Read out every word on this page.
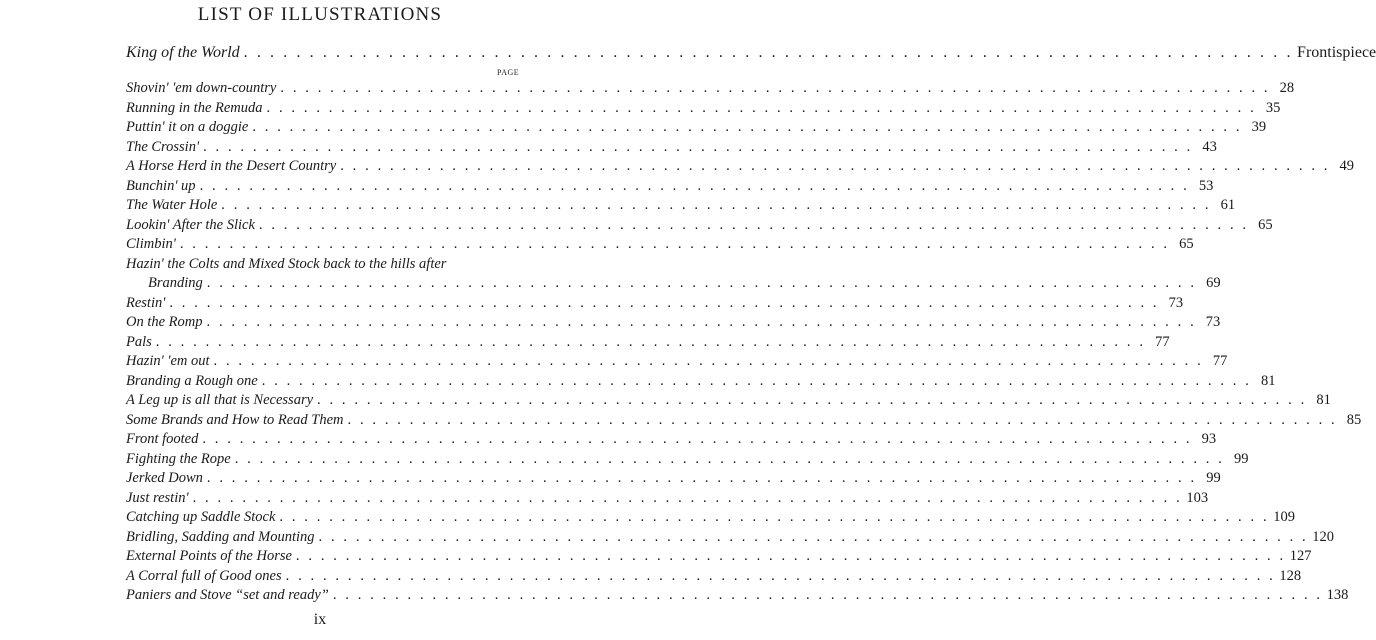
LIST OF ILLUSTRATIONS
King of the World . . . . . . . . . . . . . . . . . . . . . . . . . . . . . . . . . . . . . . . . . . . . . . . . . . . . . . . . . . . . . . . . . . . . . . . . . . . . . . . . Frontispiece
PAGE
Shovin' 'em down-country . . . . . . . . . . . . . . . . . . . . . . . . . . . . . . . . . . . . . . . . . . . . . . . . . . . . . . . . . . . . . . . . . . . . . . . . . . . . . . . . 28
Running in the Remuda . . . . . . . . . . . . . . . . . . . . . . . . . . . . . . . . . . . . . . . . . . . . . . . . . . . . . . . . . . . . . . . . . . . . . . . . . . . . . . . . 35
Puttin' it on a doggie . . . . . . . . . . . . . . . . . . . . . . . . . . . . . . . . . . . . . . . . . . . . . . . . . . . . . . . . . . . . . . . . . . . . . . . . . . . . . . . . 39
The Crossin' . . . . . . . . . . . . . . . . . . . . . . . . . . . . . . . . . . . . . . . . . . . . . . . . . . . . . . . . . . . . . . . . . . . . . . . . . . . . . . . . 43
A Horse Herd in the Desert Country . . . . . . . . . . . . . . . . . . . . . . . . . . . . . . . . . . . . . . . . . . . . . . . . . . . . . . . . . . . . . . . . . . . . . . . . . . . . . . . . 49
Bunchin' up . . . . . . . . . . . . . . . . . . . . . . . . . . . . . . . . . . . . . . . . . . . . . . . . . . . . . . . . . . . . . . . . . . . . . . . . . . . . . . . . 53
The Water Hole . . . . . . . . . . . . . . . . . . . . . . . . . . . . . . . . . . . . . . . . . . . . . . . . . . . . . . . . . . . . . . . . . . . . . . . . . . . . . . . . 61
Lookin' After the Slick . . . . . . . . . . . . . . . . . . . . . . . . . . . . . . . . . . . . . . . . . . . . . . . . . . . . . . . . . . . . . . . . . . . . . . . . . . . . . . . . 65
Climbin' . . . . . . . . . . . . . . . . . . . . . . . . . . . . . . . . . . . . . . . . . . . . . . . . . . . . . . . . . . . . . . . . . . . . . . . . . . . . . . . . 65
Hazin' the Colts and Mixed Stock back to the hills after
Branding . . . . . . . . . . . . . . . . . . . . . . . . . . . . . . . . . . . . . . . . . . . . . . . . . . . . . . . . . . . . . . . . . . . . . . . . . . . . . . . . 69
Restin' . . . . . . . . . . . . . . . . . . . . . . . . . . . . . . . . . . . . . . . . . . . . . . . . . . . . . . . . . . . . . . . . . . . . . . . . . . . . . . . . 73
On the Romp . . . . . . . . . . . . . . . . . . . . . . . . . . . . . . . . . . . . . . . . . . . . . . . . . . . . . . . . . . . . . . . . . . . . . . . . . . . . . . . . 73
Pals . . . . . . . . . . . . . . . . . . . . . . . . . . . . . . . . . . . . . . . . . . . . . . . . . . . . . . . . . . . . . . . . . . . . . . . . . . . . . . . . 77
Hazin' 'em out . . . . . . . . . . . . . . . . . . . . . . . . . . . . . . . . . . . . . . . . . . . . . . . . . . . . . . . . . . . . . . . . . . . . . . . . . . . . . . . . 77
Branding a Rough one . . . . . . . . . . . . . . . . . . . . . . . . . . . . . . . . . . . . . . . . . . . . . . . . . . . . . . . . . . . . . . . . . . . . . . . . . . . . . . . . 81
A Leg up is all that is Necessary . . . . . . . . . . . . . . . . . . . . . . . . . . . . . . . . . . . . . . . . . . . . . . . . . . . . . . . . . . . . . . . . . . . . . . . . . . . . . . . . 81
Some Brands and How to Read Them . . . . . . . . . . . . . . . . . . . . . . . . . . . . . . . . . . . . . . . . . . . . . . . . . . . . . . . . . . . . . . . . . . . . . . . . . . . . . . . . 85
Front footed . . . . . . . . . . . . . . . . . . . . . . . . . . . . . . . . . . . . . . . . . . . . . . . . . . . . . . . . . . . . . . . . . . . . . . . . . . . . . . . . 93
Fighting the Rope . . . . . . . . . . . . . . . . . . . . . . . . . . . . . . . . . . . . . . . . . . . . . . . . . . . . . . . . . . . . . . . . . . . . . . . . . . . . . . . . 99
Jerked Down . . . . . . . . . . . . . . . . . . . . . . . . . . . . . . . . . . . . . . . . . . . . . . . . . . . . . . . . . . . . . . . . . . . . . . . . . . . . . . . . 99
Just restin' . . . . . . . . . . . . . . . . . . . . . . . . . . . . . . . . . . . . . . . . . . . . . . . . . . . . . . . . . . . . . . . . . . . . . . . . . . . . . . . . 103
Catching up Saddle Stock . . . . . . . . . . . . . . . . . . . . . . . . . . . . . . . . . . . . . . . . . . . . . . . . . . . . . . . . . . . . . . . . . . . . . . . . . . . . . . . . 109
Bridling, Sadding and Mounting . . . . . . . . . . . . . . . . . . . . . . . . . . . . . . . . . . . . . . . . . . . . . . . . . . . . . . . . . . . . . . . . . . . . . . . . . . . . . . . . 120
External Points of the Horse . . . . . . . . . . . . . . . . . . . . . . . . . . . . . . . . . . . . . . . . . . . . . . . . . . . . . . . . . . . . . . . . . . . . . . . . . . . . . . . . 127
A Corral full of Good ones . . . . . . . . . . . . . . . . . . . . . . . . . . . . . . . . . . . . . . . . . . . . . . . . . . . . . . . . . . . . . . . . . . . . . . . . . . . . . . . . 128
Paniers and Stove “set and ready” . . . . . . . . . . . . . . . . . . . . . . . . . . . . . . . . . . . . . . . . . . . . . . . . . . . . . . . . . . . . . . . . . . . . . . . . . . . . . . . . 138
ix
